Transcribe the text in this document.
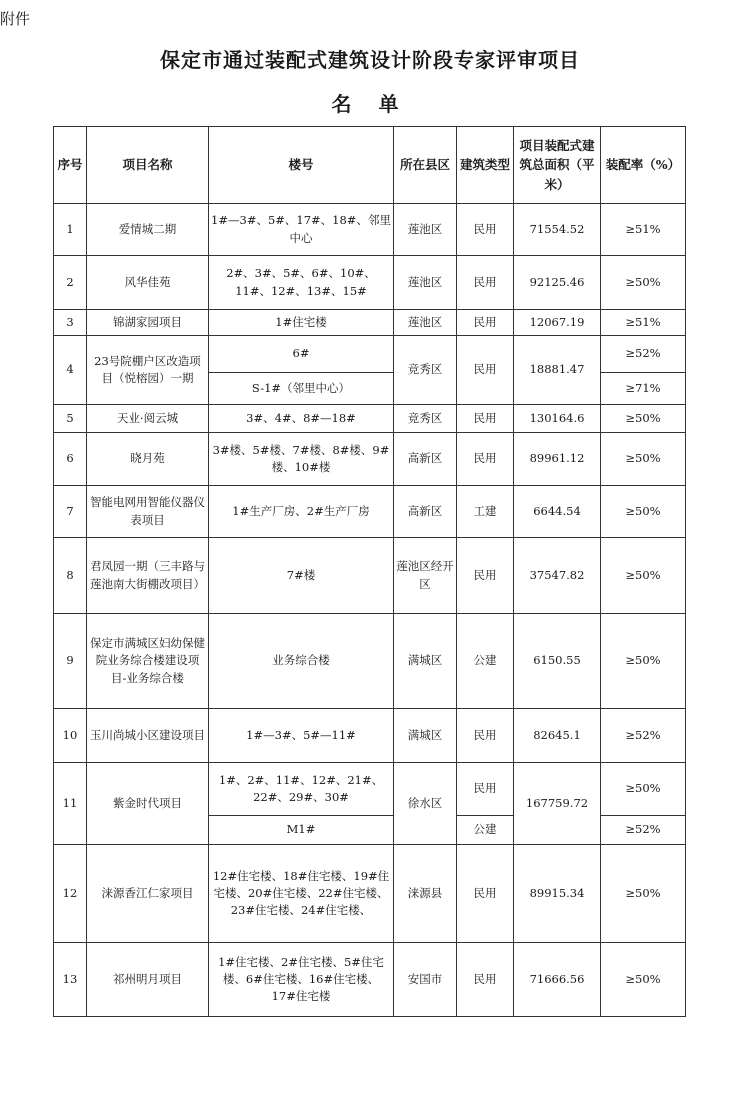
附件
保定市通过装配式建筑设计阶段专家评审项目
名 单
序号	项目名称	楼号	所在县区	建筑类型	项目装配式建筑总面积（平米）	装配率（%）
1	爱情城二期	1#—3#、5#、17#、18#、邻里中心	莲池区	民用	71554.52	≥51%
2	风华佳苑	2#、3#、5#、6#、10#、11#、12#、13#、15#	莲池区	民用	92125.46	≥50%
3	锦湖家园项目	1#住宅楼	莲池区	民用	12067.19	≥51%
4	23号院棚户区改造项目（悦榕园）一期	6#	竞秀区	民用	18881.47	≥52%
		S-1#（邻里中心）				≥71%
5	天业·阅云城	3#、4#、8#—18#	竞秀区	民用	130164.6	≥50%
6	晓月苑	3#楼、5#楼、7#楼、8#楼、9#楼、10#楼	高新区	民用	89961.12	≥50%
7	智能电网用智能仪器仪表项目	1#生产厂房、2#生产厂房	高新区	工建	6644.54	≥50%
8	君凤园一期（三丰路与莲池南大街棚改项目）	7#楼	莲池区经开区	民用	37547.82	≥50%
9	保定市满城区妇幼保健院业务综合楼建设项目-业务综合楼	业务综合楼	满城区	公建	6150.55	≥50%
10	玉川尚城小区建设项目	1#—3#、5#—11#	满城区	民用	82645.1	≥52%
11	紫金时代项目	1#、2#、11#、12#、21#、22#、29#、30#	徐水区	民用	167759.72	≥50%
		M1#		公建		≥52%
12	涞源香江仁家项目	12#住宅楼、18#住宅楼、19#住宅楼、20#住宅楼、22#住宅楼、23#住宅楼、24#住宅楼、	涞源县	民用	89915.34	≥50%
13	祁州明月项目	1#住宅楼、2#住宅楼、5#住宅楼、6#住宅楼、16#住宅楼、17#住宅楼	安国市	民用	71666.56	≥50%
